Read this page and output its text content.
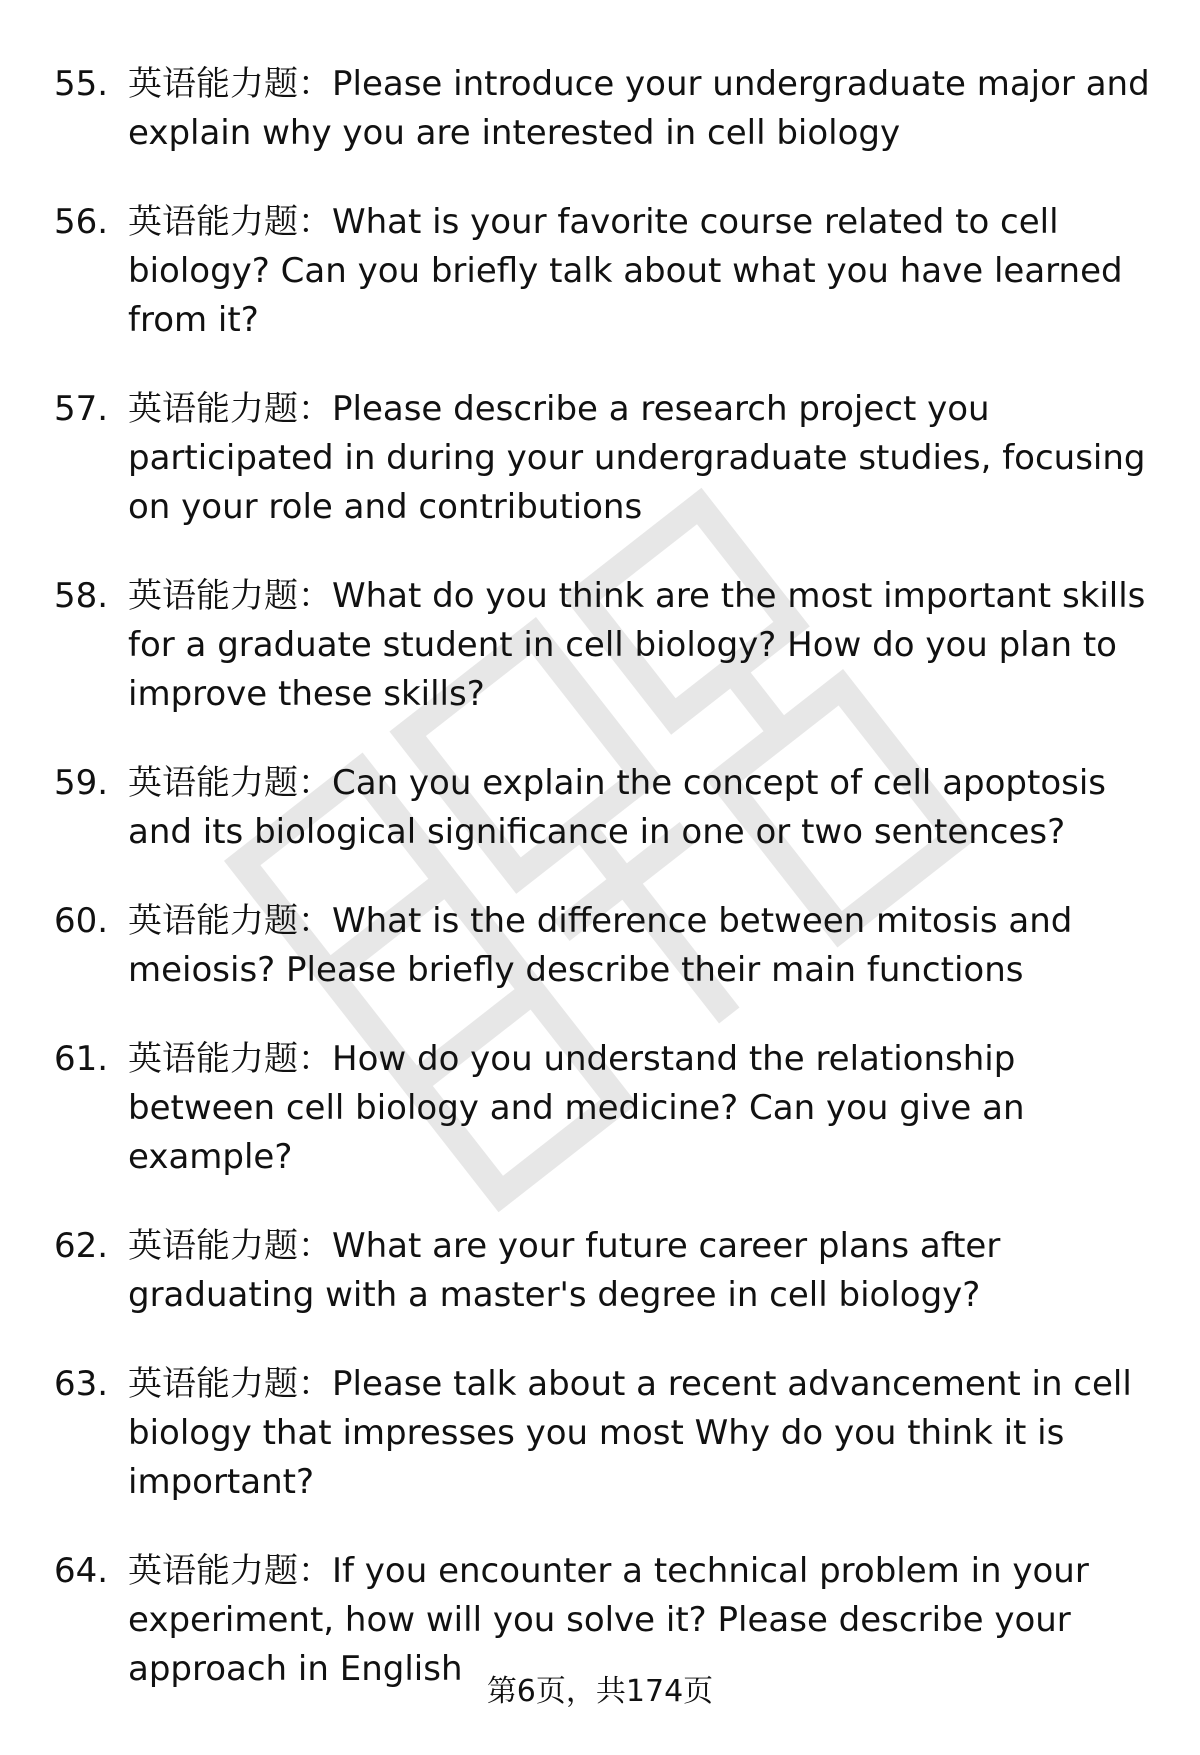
55. 英语能力题：Please introduce your undergraduate major and explain why you are interested in cell biology
56. 英语能力题：What is your favorite course related to cell biology? Can you briefly talk about what you have learned from it?
57. 英语能力题：Please describe a research project you participated in during your undergraduate studies, focusing on your role and contributions
58. 英语能力题：What do you think are the most important skills for a graduate student in cell biology? How do you plan to improve these skills?
59. 英语能力题：Can you explain the concept of cell apoptosis and its biological significance in one or two sentences?
60. 英语能力题：What is the difference between mitosis and meiosis? Please briefly describe their main functions
61. 英语能力题：How do you understand the relationship between cell biology and medicine? Can you give an example?
62. 英语能力题：What are your future career plans after graduating with a master's degree in cell biology?
63. 英语能力题：Please talk about a recent advancement in cell biology that impresses you most Why do you think it is important?
64. 英语能力题：If you encounter a technical problem in your experiment, how will you solve it? Please describe your approach in English
第6页，共174页
